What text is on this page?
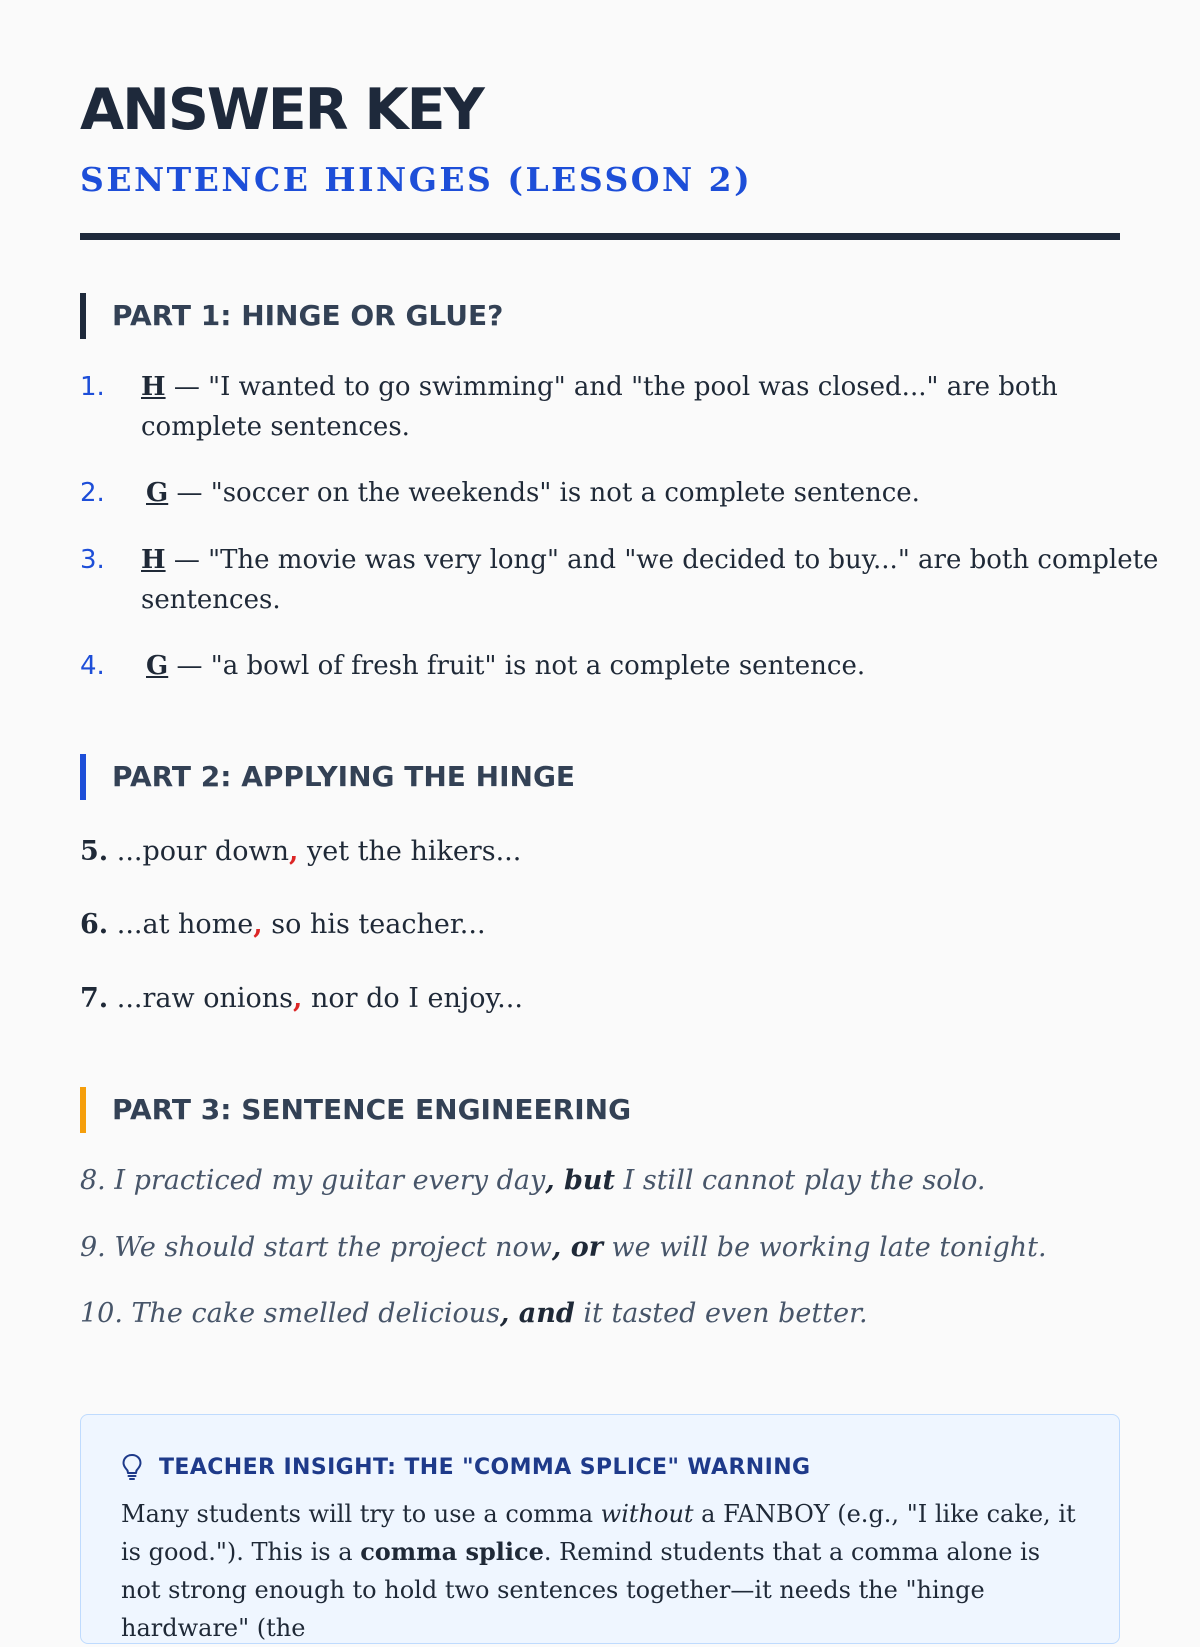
ANSWER KEY
SENTENCE HINGES (LESSON 2)
PART 1: HINGE OR GLUE?
1. H — "I wanted to go swimming" and "the pool was closed..." are both complete sentences.
2. G — "soccer on the weekends" is not a complete sentence.
3. H — "The movie was very long" and "we decided to buy..." are both complete sentences.
4. G — "a bowl of fresh fruit" is not a complete sentence.
PART 2: APPLYING THE HINGE
5. ...pour down, yet the hikers...
6. ...at home, so his teacher...
7. ...raw onions, nor do I enjoy...
PART 3: SENTENCE ENGINEERING
8. I practiced my guitar every day, but I still cannot play the solo.
9. We should start the project now, or we will be working late tonight.
10. The cake smelled delicious, and it tasted even better.
TEACHER INSIGHT: THE "COMMA SPLICE" WARNING
Many students will try to use a comma without a FANBOY (e.g., "I like cake, it is good."). This is a comma splice. Remind students that a comma alone is not strong enough to hold two sentences together—it needs the "hinge hardware" (the
